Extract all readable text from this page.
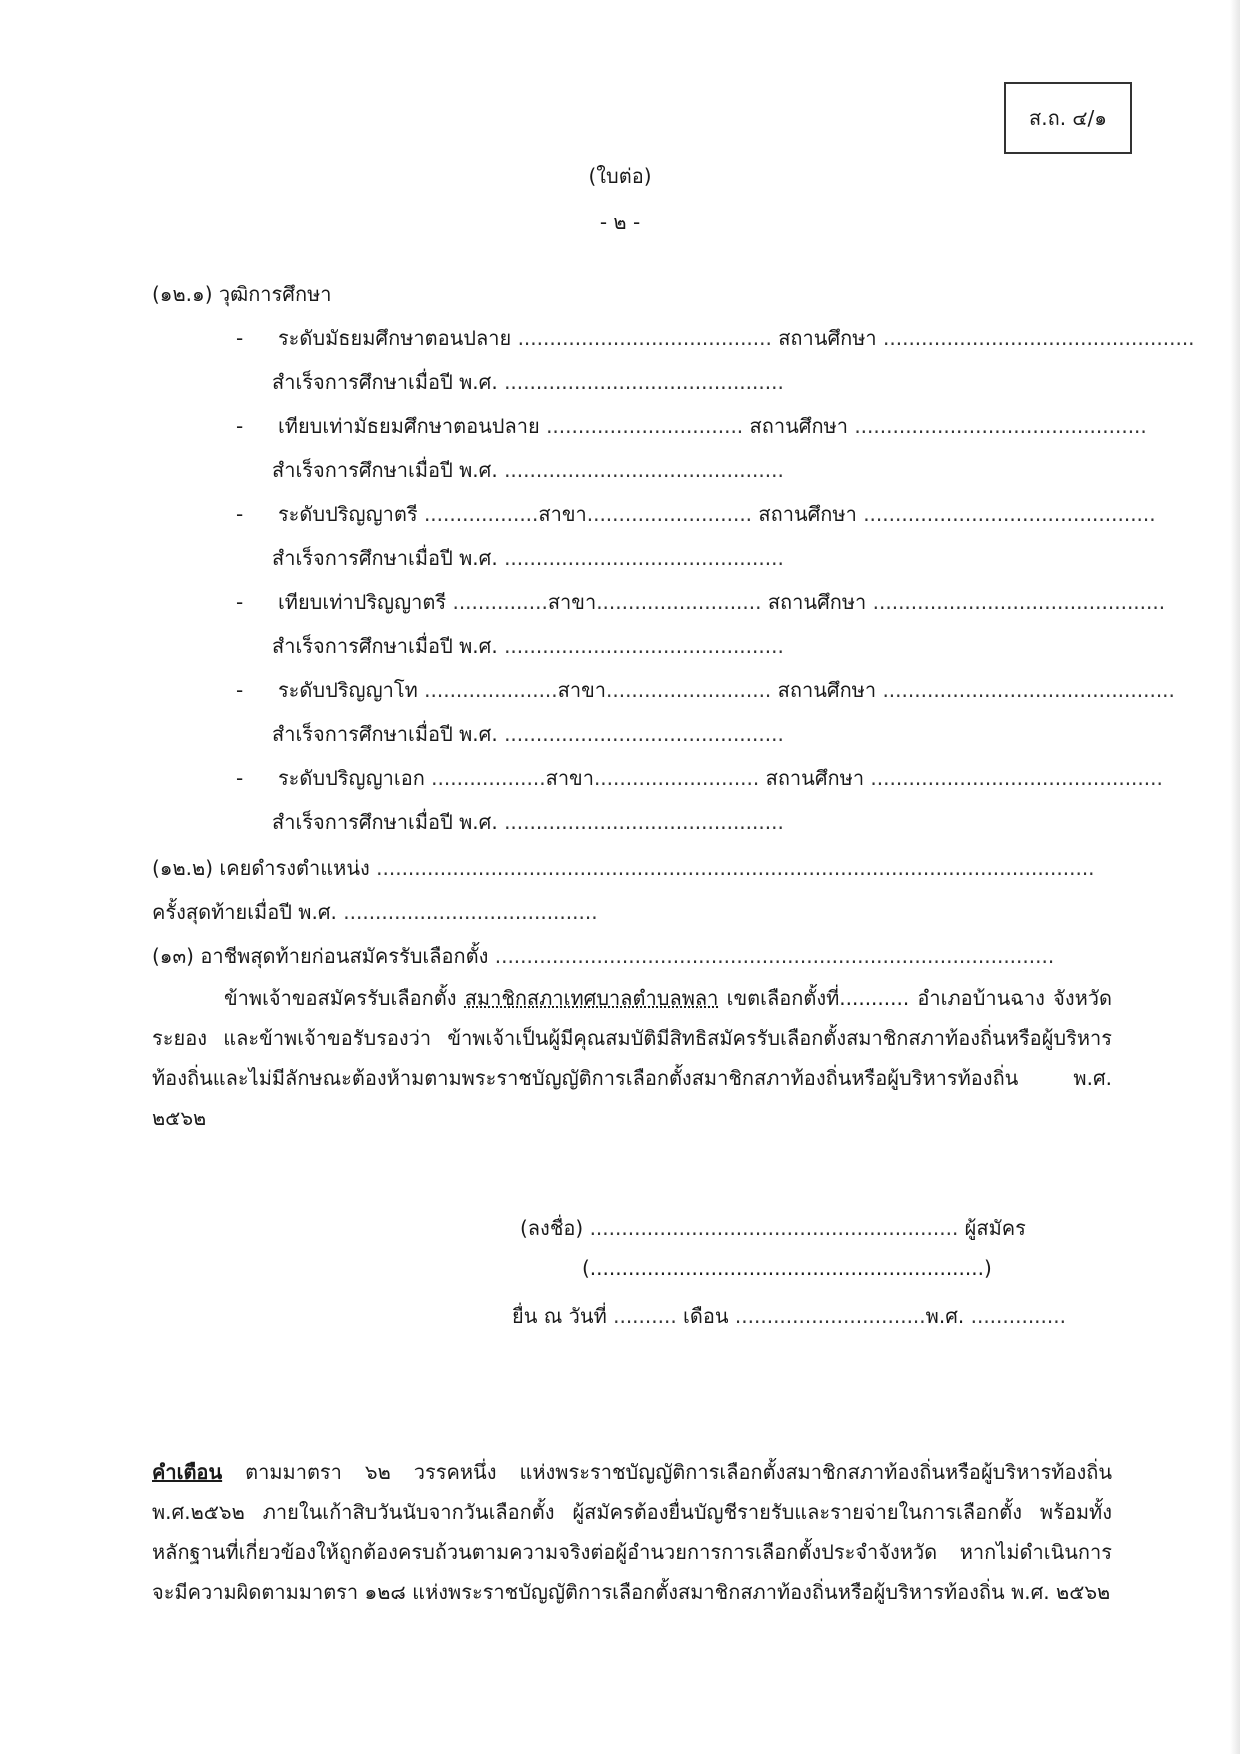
ส.ถ. ๔/๑
(ใบต่อ)
- ๒ -
(๑๒.๑) วุฒิการศึกษา
- ระดับมัธยมศึกษาตอนปลาย ........................................ สถานศึกษา .................................................
สำเร็จการศึกษาเมื่อปี พ.ศ. ............................................
- เทียบเท่ามัธยมศึกษาตอนปลาย ............................... สถานศึกษา ..............................................
สำเร็จการศึกษาเมื่อปี พ.ศ. ............................................
- ระดับปริญญาตรี ..................สาขา.......................... สถานศึกษา ..............................................
สำเร็จการศึกษาเมื่อปี พ.ศ. ............................................
- เทียบเท่าปริญญาตรี ...............สาขา.......................... สถานศึกษา ..............................................
สำเร็จการศึกษาเมื่อปี พ.ศ. ............................................
- ระดับปริญญาโท .....................สาขา.......................... สถานศึกษา ..............................................
สำเร็จการศึกษาเมื่อปี พ.ศ. ............................................
- ระดับปริญญาเอก ..................สาขา.......................... สถานศึกษา ..............................................
สำเร็จการศึกษาเมื่อปี พ.ศ. ............................................
(๑๒.๒) เคยดำรงตำแหน่ง .................................................................................................................
ครั้งสุดท้ายเมื่อปี พ.ศ. ........................................
(๑๓) อาชีพสุดท้ายก่อนสมัครรับเลือกตั้ง ........................................................................................
ข้าพเจ้าขอสมัครรับเลือกตั้ง สมาชิกสภาเทศบาลตำบลพลา เขตเลือกตั้งที่........... อำเภอบ้านฉาง จังหวัดระยอง และข้าพเจ้าขอรับรองว่า ข้าพเจ้าเป็นผู้มีคุณสมบัติมีสิทธิสมัครรับเลือกตั้งสมาชิกสภาท้องถิ่นหรือผู้บริหารท้องถิ่นและไม่มีลักษณะต้องห้ามตามพระราชบัญญัติการเลือกตั้งสมาชิกสภาท้องถิ่นหรือผู้บริหารท้องถิ่น พ.ศ. ๒๕๖๒
(ลงชื่อ) .......................................................... ผู้สมัคร
(..............................................................)
ยื่น ณ วันที่ .......... เดือน ..............................พ.ศ. ...............
คำเตือน ตามมาตรา ๖๒ วรรคหนึ่ง แห่งพระราชบัญญัติการเลือกตั้งสมาชิกสภาท้องถิ่นหรือผู้บริหารท้องถิ่น พ.ศ.๒๕๖๒ ภายในเก้าสิบวันนับจากวันเลือกตั้ง ผู้สมัครต้องยื่นบัญชีรายรับและรายจ่ายในการเลือกตั้ง พร้อมทั้งหลักฐานที่เกี่ยวข้องให้ถูกต้องครบถ้วนตามความจริงต่อผู้อำนวยการการเลือกตั้งประจำจังหวัด หากไม่ดำเนินการจะมีความผิดตามมาตรา ๑๒๘ แห่งพระราชบัญญัติการเลือกตั้งสมาชิกสภาท้องถิ่นหรือผู้บริหารท้องถิ่น พ.ศ. ๒๕๖๒
